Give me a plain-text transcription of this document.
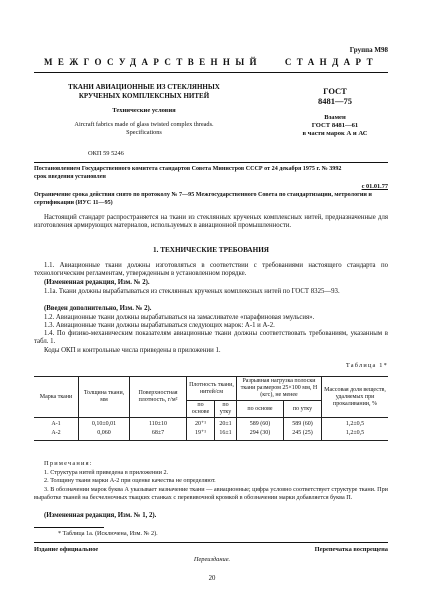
Группа М98
МЕЖГОСУДАРСТВЕННЫЙ   СТАНДАРТ
ТКАНИ АВИАЦИОННЫЕ ИЗ СТЕКЛЯННЫХ
КРУЧЕНЫХ КОМПЛЕКСНЫХ НИТЕЙ
Технические условия
Aircraft fabrics made of glass twisted complex threads.
Specifications
ОКП 59 5246
ГОСТ
8481—75
Взамен
ГОСТ 8481—61
в части марок А и АС
Постановлением Государственного комитета стандартов Совета Министров СССР от 24 декабря 1975 г. № 3992
срок введения установлен
с 01.01.77
Ограничение срока действия снято по протоколу № 7—95 Межгосударственного Совета по стандартизации, метрологии и сертификации (ИУС 11—95)
Настоящий стандарт распространяется на ткани из стеклянных крученых комплексных нитей, предназначенные для изготовления армирующих материалов, используемых в авиационной промышленности.
1. ТЕХНИЧЕСКИЕ ТРЕБОВАНИЯ
1.1. Авиационные ткани должны изготовляться в соответствии с требованиями настоящего стандарта по технологическим регламентам, утвержденным в установленном порядке.
(Измененная редакция, Изм. № 2).
1.1а. Ткани должны вырабатываться из стеклянных крученых комплексных нитей по ГОСТ 8325—93.
(Введен дополнительно, Изм. № 2).
1.2. Авиационные ткани должны вырабатываться на замасливателе «парафиновая эмульсия».
1.3. Авиационные ткани должны вырабатываться следующих марок: А-1 и А-2.
1.4. По физико-механическим показателям авиационные ткани должны соответствовать требованиям, указанным в табл. 1.
Коды ОКП и контрольные числа приведены в приложении 1.
Таблица 1*
Марка ткани	Толщина ткани, мм	Поверхностная плотность, г/м²	Плотность ткани, нитей/см		Разрывная нагрузка полоски ткани размером 25×100 мм, Н (кгс), не менее		Массовая доля веществ, удаляемых при прокаливании, %
			по основе	по утку	по основе	по утку	
А-1	0,10±0,01	110±10	20⁺¹	20±1	589 (60)	589 (60)	1,2±0,5
А-2	0,060	68±7	19⁺¹	16±1	294 (30)	245 (25)	1,2±0,5
Примечания:
1. Структура нитей приведена в приложении 2.
2. Толщину ткани марки А-2 при оценке качества не определяют.
3. В обозначении марок буква А указывает назначение ткани — авиационные; цифра условно соответствует структуре ткани. При выработке тканей на бесчелночных ткацких станках с перевивочной кромкой в обозначении марки добавляется буква П.
(Измененная редакция, Изм. № 1, 2).
* Таблица 1а. (Исключена, Изм. № 2).
Издание официальное	Перепечатка воспрещена
Переиздание.
20
